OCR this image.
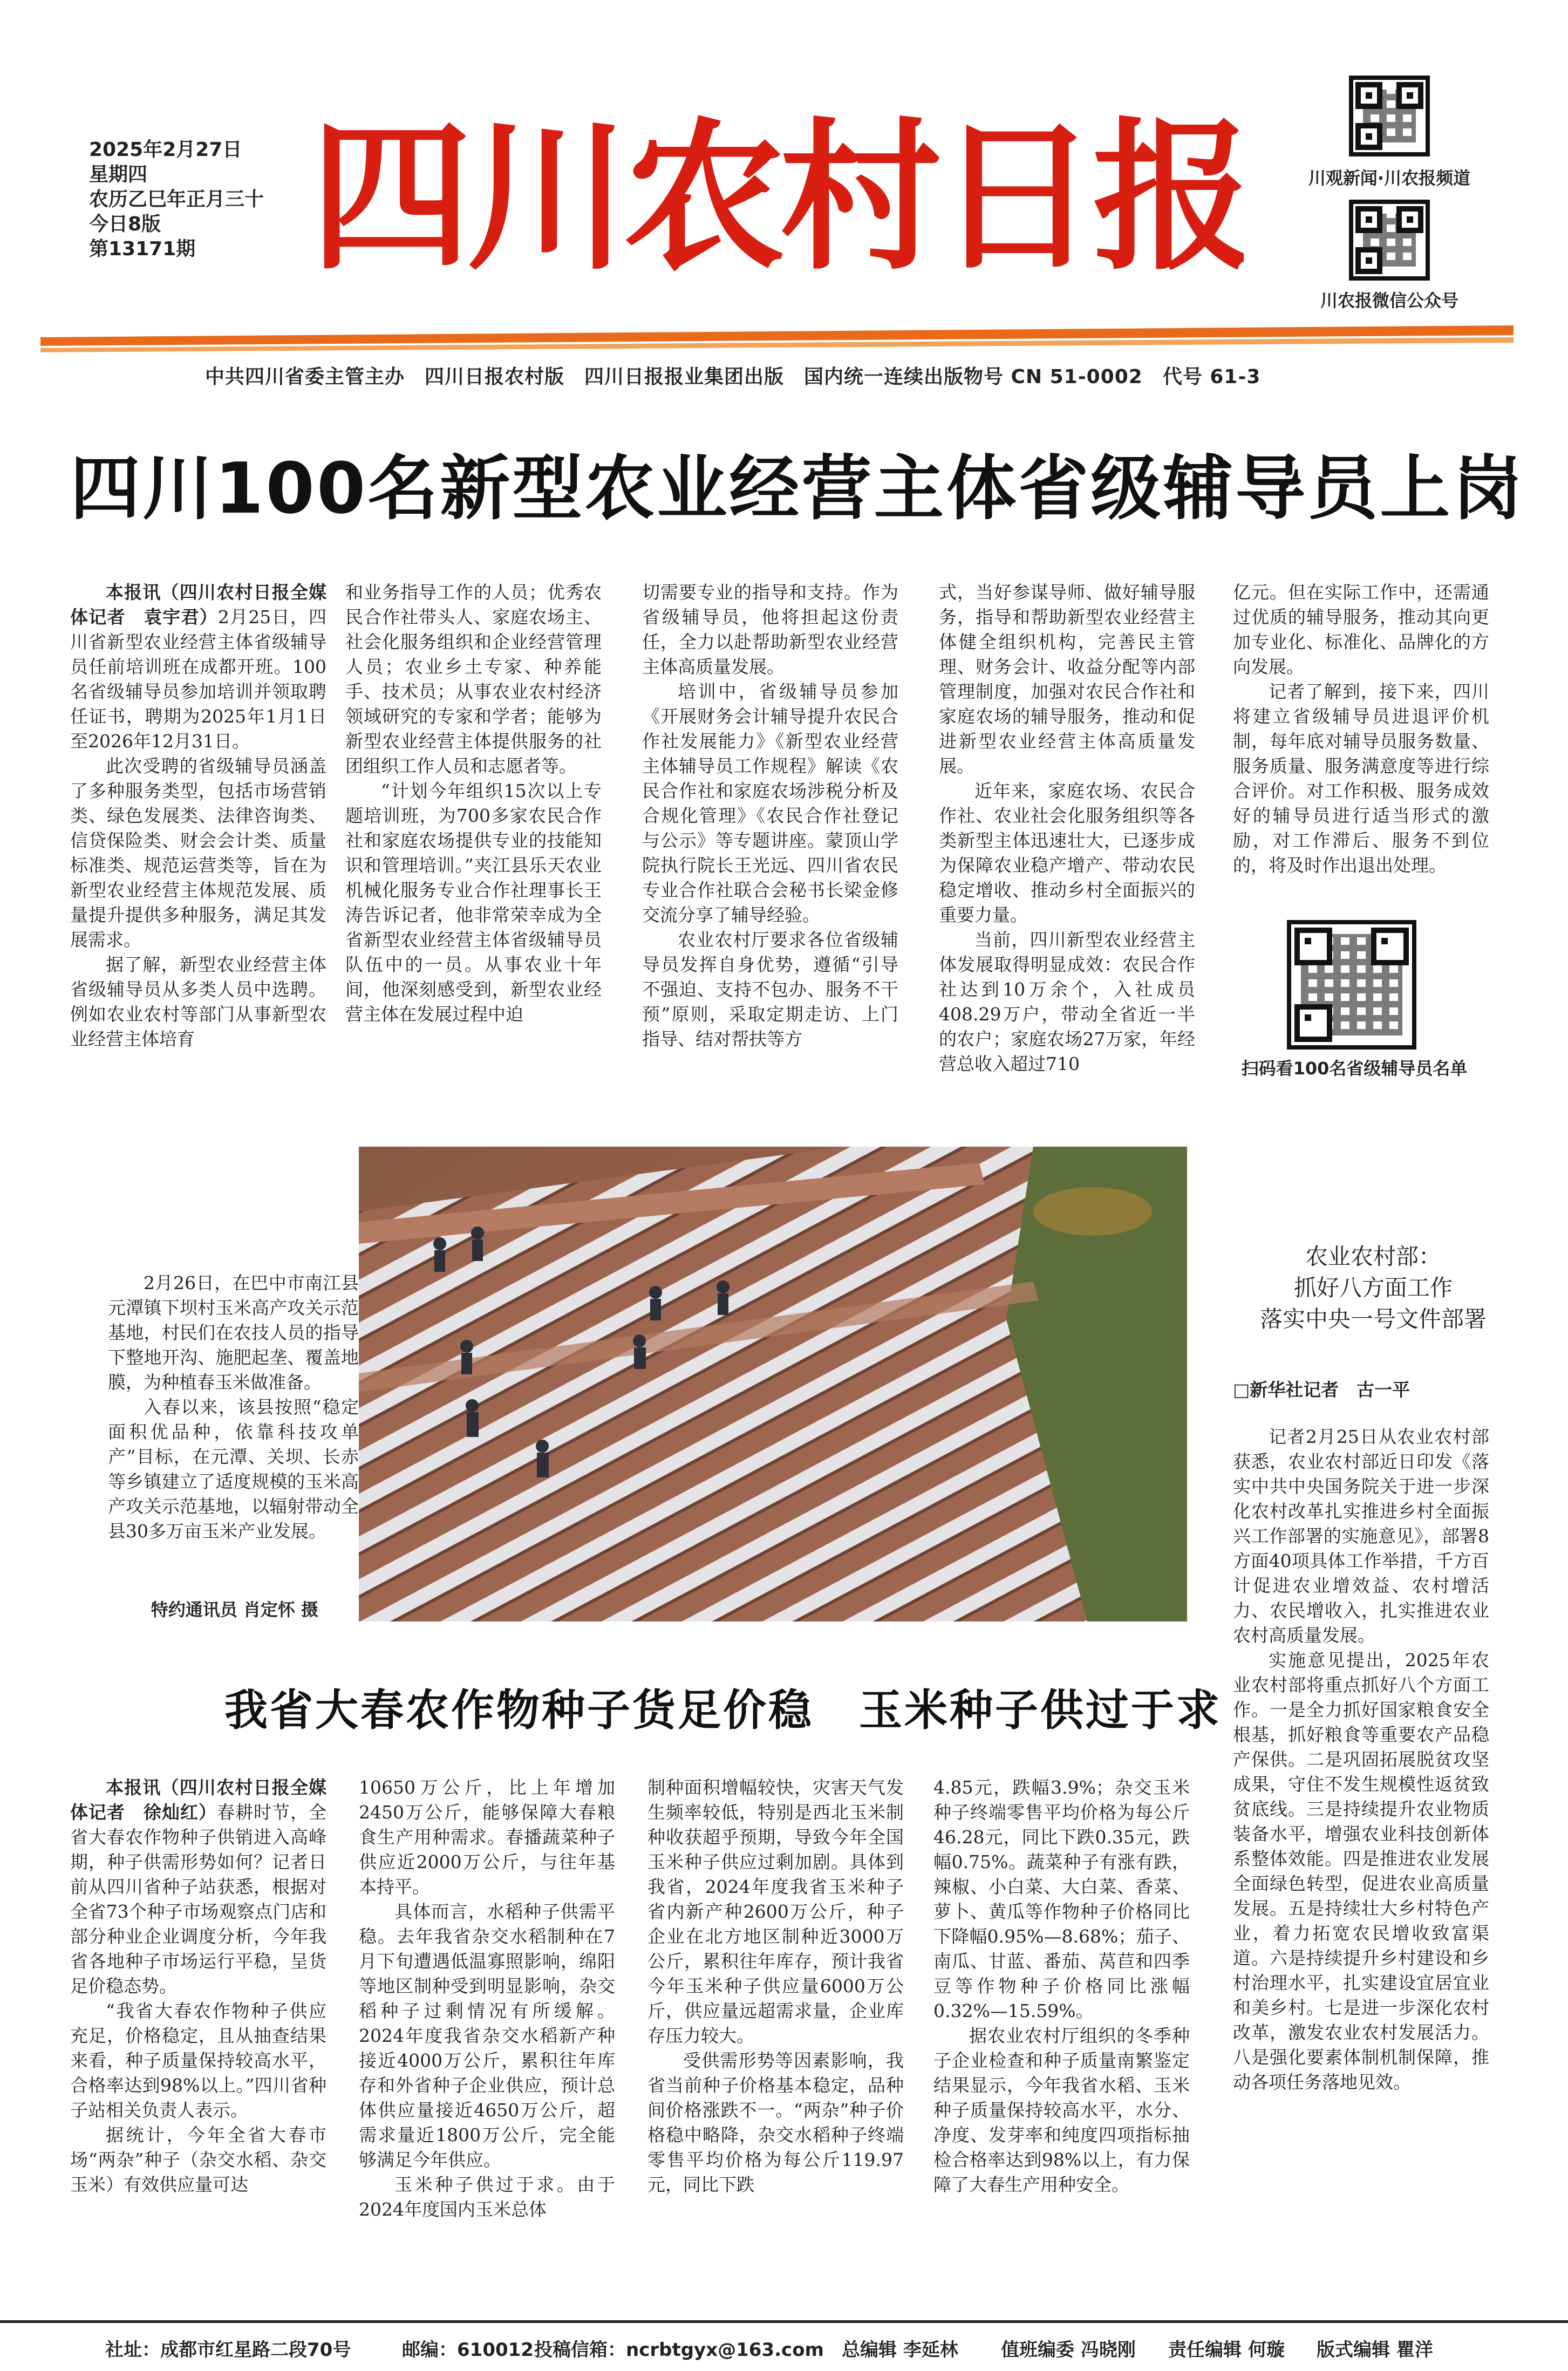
2025年2月27日
星期四
农历乙巳年正月三十
今日8版
第13171期 四川农村日报	川观新闻·川农报频道
川农报微信公众号
中共四川省委主管主办　四川日报农村版　四川日报报业集团出版　国内统一连续出版物号 CN 51-0002　代号 61-3
四川100名新型农业经营主体省级辅导员上岗

本报讯（四川农村日报全媒体记者　袁宇君）2月25日，四川省新型农业经营主体省级辅导员任前培训班在成都开班。100名省级辅导员参加培训并领取聘任证书，聘期为2025年1月1日至2026年12月31日。

此次受聘的省级辅导员涵盖了多种服务类型，包括市场营销类、绿色发展类、法律咨询类、信贷保险类、财会会计类、质量标准类、规范运营类等，旨在为新型农业经营主体规范发展、质量提升提供多种服务，满足其发展需求。

据了解，新型农业经营主体省级辅导员从多类人员中选聘。例如农业农村等部门从事新型农业经营主体培育

和业务指导工作的人员；优秀农民合作社带头人、家庭农场主、社会化服务组织和企业经营管理人员；农业乡土专家、种养能手、技术员；从事农业农村经济领域研究的专家和学者；能够为新型农业经营主体提供服务的社团组织工作人员和志愿者等。

“计划今年组织15次以上专题培训班，为700多家农民合作社和家庭农场提供专业的技能知识和管理培训。”夹江县乐天农业机械化服务专业合作社理事长王涛告诉记者，他非常荣幸成为全省新型农业经营主体省级辅导员队伍中的一员。从事农业十年间，他深刻感受到，新型农业经营主体在发展过程中迫

切需要专业的指导和支持。作为省级辅导员，他将担起这份责任，全力以赴帮助新型农业经营主体高质量发展。

培训中，省级辅导员参加《开展财务会计辅导提升农民合作社发展能力》《新型农业经营主体辅导员工作规程》解读《农民合作社和家庭农场涉税分析及合规化管理》《农民合作社登记与公示》等专题讲座。蒙顶山学院执行院长王光远、四川省农民专业合作社联合会秘书长梁金修交流分享了辅导经验。

农业农村厅要求各位省级辅导员发挥自身优势，遵循“引导不强迫、支持不包办、服务不干预”原则，采取定期走访、上门指导、结对帮扶等方

式，当好参谋导师、做好辅导服务，指导和帮助新型农业经营主体健全组织机构，完善民主管理、财务会计、收益分配等内部管理制度，加强对农民合作社和家庭农场的辅导服务，推动和促进新型农业经营主体高质量发展。

近年来，家庭农场、农民合作社、农业社会化服务组织等各类新型主体迅速壮大，已逐步成为保障农业稳产增产、带动农民稳定增收、推动乡村全面振兴的重要力量。

当前，四川新型农业经营主体发展取得明显成效：农民合作社达到10万余个，入社成员408.29万户，带动全省近一半的农户；家庭农场27万家，年经营总收入超过710

亿元。但在实际工作中，还需通过优质的辅导服务，推动其向更加专业化、标准化、品牌化的方向发展。

记者了解到，接下来，四川将建立省级辅导员进退评价机制，每年底对辅导员服务数量、服务质量、服务满意度等进行综合评价。对工作积极、服务成效好的辅导员进行适当形式的激励，对工作滞后、服务不到位的，将及时作出退出处理。

扫码看100名省级辅导员名单

2月26日，在巴中市南江县元潭镇下坝村玉米高产攻关示范基地，村民们在农技人员的指导下整地开沟、施肥起垄、覆盖地膜，为种植春玉米做准备。

入春以来，该县按照“稳定面积优品种，依靠科技攻单产”目标，在元潭、关坝、长赤等乡镇建立了适度规模的玉米高产攻关示范基地，以辐射带动全县30多万亩玉米产业发展。

特约通讯员 肖定怀 摄
农业农村部：
抓好八方面工作
落实中央一号文件部署
□新华社记者　古一平

记者2月25日从农业农村部获悉，农业农村部近日印发《落实中共中央国务院关于进一步深化农村改革扎实推进乡村全面振兴工作部署的实施意见》，部署8方面40项具体工作举措，千方百计促进农业增效益、农村增活力、农民增收入，扎实推进农业农村高质量发展。

实施意见提出，2025年农业农村部将重点抓好八个方面工作。一是全力抓好国家粮食安全根基，抓好粮食等重要农产品稳产保供。二是巩固拓展脱贫攻坚成果，守住不发生规模性返贫致贫底线。三是持续提升农业物质装备水平，增强农业科技创新体系整体效能。四是推进农业发展全面绿色转型，促进农业高质量发展。五是持续壮大乡村特色产业，着力拓宽农民增收致富渠道。六是持续提升乡村建设和乡村治理水平，扎实建设宜居宜业和美乡村。七是进一步深化农村改革，激发农业农村发展活力。八是强化要素体制机制保障，推动各项任务落地见效。

我省大春农作物种子货足价稳　玉米种子供过于求

本报讯（四川农村日报全媒体记者　徐灿红）春耕时节，全省大春农作物种子供销进入高峰期，种子供需形势如何？记者日前从四川省种子站获悉，根据对全省73个种子市场观察点门店和部分种业企业调度分析，今年我省各地种子市场运行平稳，呈货足价稳态势。

“我省大春农作物种子供应充足，价格稳定，且从抽查结果来看，种子质量保持较高水平，合格率达到98%以上。”四川省种子站相关负责人表示。

据统计，今年全省大春市场“两杂”种子（杂交水稻、杂交玉米）有效供应量可达

10650万公斤，比上年增加2450万公斤，能够保障大春粮食生产用种需求。春播蔬菜种子供应近2000万公斤，与往年基本持平。

具体而言，水稻种子供需平稳。去年我省杂交水稻制种在7月下旬遭遇低温寡照影响，绵阳等地区制种受到明显影响，杂交稻种子过剩情况有所缓解。2024年度我省杂交水稻新产种接近4000万公斤，累积往年库存和外省种子企业供应，预计总体供应量接近4650万公斤，超需求量近1800万公斤，完全能够满足今年供应。

玉米种子供过于求。由于2024年度国内玉米总体

制种面积增幅较快，灾害天气发生频率较低，特别是西北玉米制种收获超乎预期，导致今年全国玉米种子供应过剩加剧。具体到我省，2024年度我省玉米种子省内新产种2600万公斤，种子企业在北方地区制种近3000万公斤，累积往年库存，预计我省今年玉米种子供应量6000万公斤，供应量远超需求量，企业库存压力较大。

受供需形势等因素影响，我省当前种子价格基本稳定，品种间价格涨跌不一。“两杂”种子价格稳中略降，杂交水稻种子终端零售平均价格为每公斤119.97元，同比下跌

4.85元，跌幅3.9%；杂交玉米种子终端零售平均价格为每公斤46.28元，同比下跌0.35元，跌幅0.75%。蔬菜种子有涨有跌，辣椒、小白菜、大白菜、香菜、萝卜、黄瓜等作物种子价格同比下降幅0.95%—8.68%；茄子、南瓜、甘蓝、番茄、莴苣和四季豆等作物种子价格同比涨幅0.32%—15.59%。

据农业农村厅组织的冬季种子企业检查和种子质量南繁鉴定结果显示，今年我省水稻、玉米种子质量保持较高水平，水分、净度、发芽率和纯度四项指标抽检合格率达到98%以上，有力保障了大春生产用种安全。

社址：成都市红星路二段70号	邮编：610012 投稿信箱：ncrbtgyx@163.com 总编辑 李延林 值班编委 冯晓刚 责任编辑 何璇 版式编辑 瞿洋
